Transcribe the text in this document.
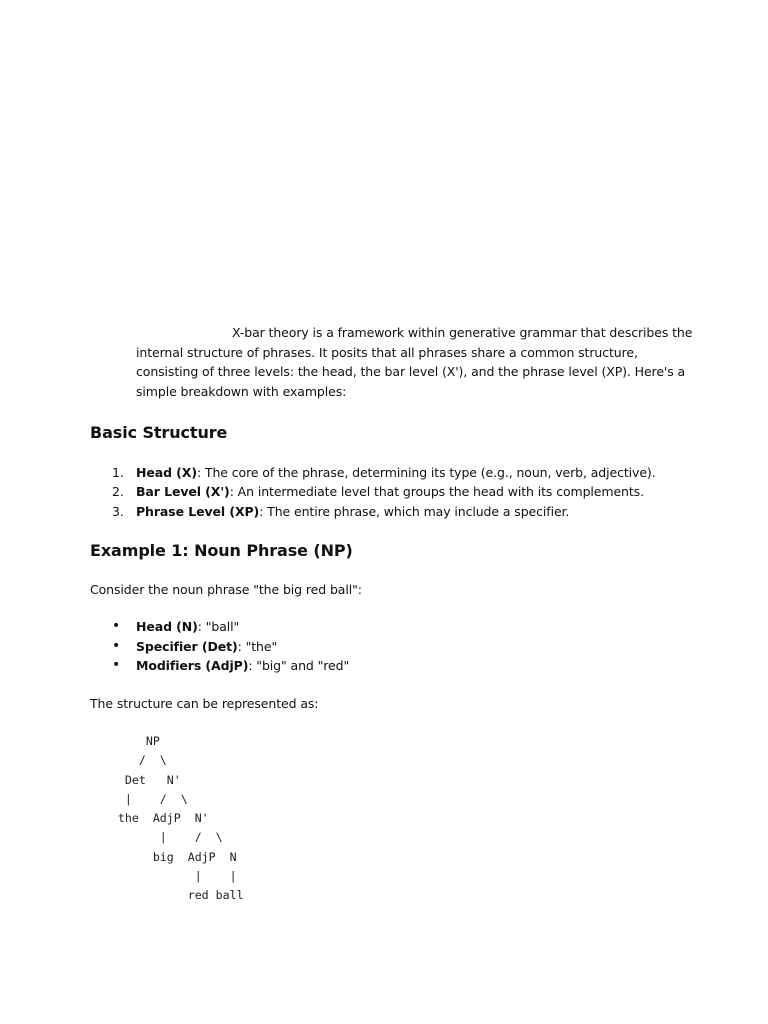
X-bar theory is a framework within generative grammar that describes the internal structure of phrases. It posits that all phrases share a common structure, consisting of three levels: the head, the bar level (X'), and the phrase level (XP). Here's a simple breakdown with examples:

Basic Structure
1. Head (X): The core of the phrase, determining its type (e.g., noun, verb, adjective).
2. Bar Level (X'): An intermediate level that groups the head with its complements.
3. Phrase Level (XP): The entire phrase, which may include a specifier.
Example 1: Noun Phrase (NP)

Consider the noun phrase "the big red ball":

• Head (N): "ball"
• Specifier (Det): "the"
• Modifiers (AdjP): "big" and "red"

The structure can be represented as:

NP
/  \
Det   N'
|    /  \
the  AdjP  N'
|    /  \
big  AdjP  N
|    |
red ball
